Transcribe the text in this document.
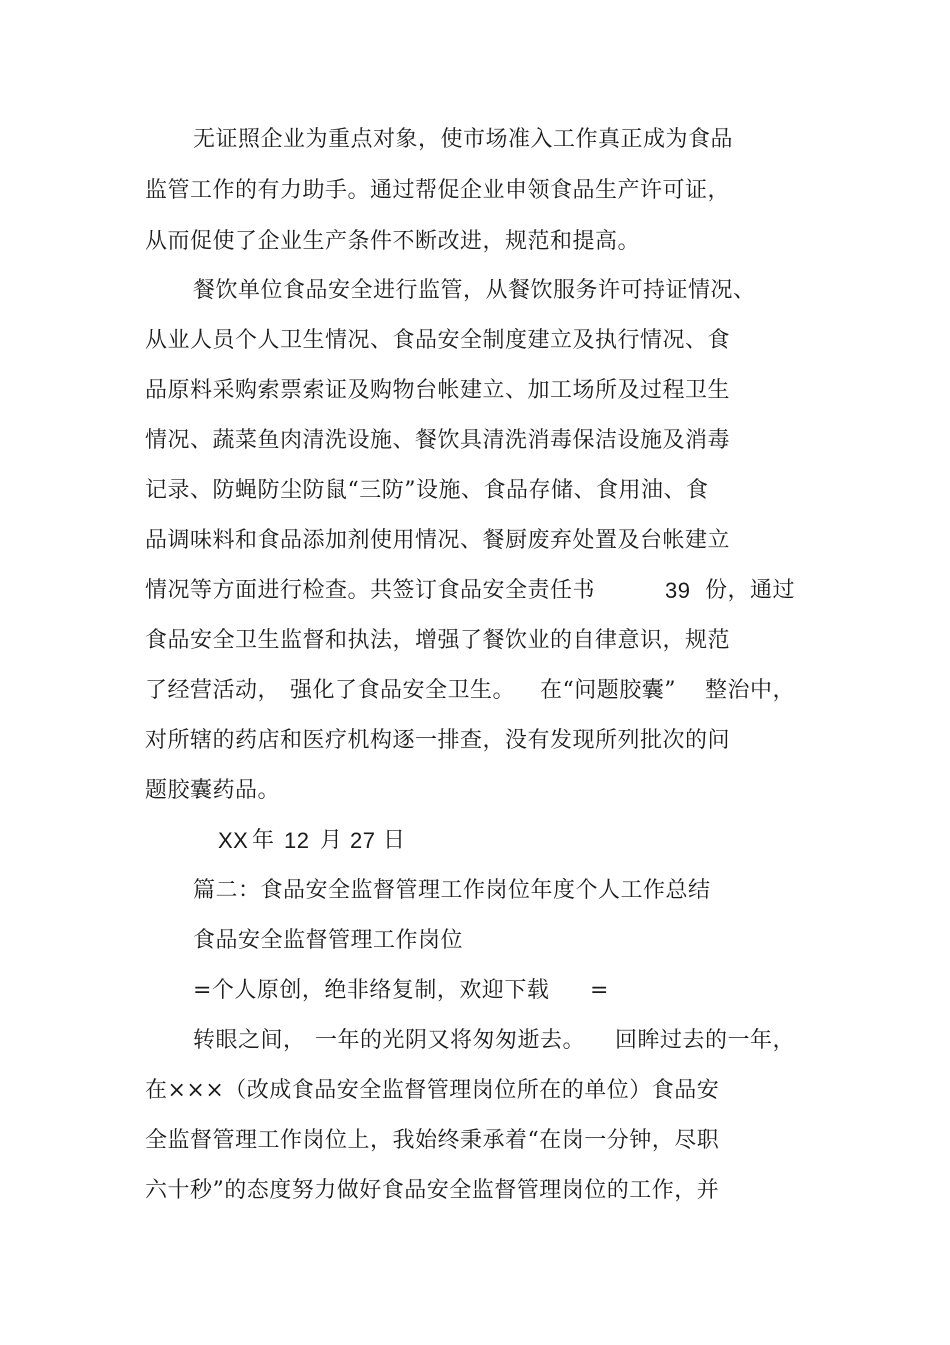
无证照企业为重点对象，使市场准入工作真正成为食品
监管工作的有力助手。通过帮促企业申领食品生产许可证，
从而促使了企业生产条件不断改进，规范和提高。
餐饮单位食品安全进行监管，从餐饮服务许可持证情况、
从业人员个人卫生情况、食品安全制度建立及执行情况、食
品原料采购索票索证及购物台帐建立、加工场所及过程卫生
情况、蔬菜鱼肉清洗设施、餐饮具清洗消毒保洁设施及消毒
记录、防蝇防尘防鼠“三防”设施、食品存储、食用油、食
品调味料和食品添加剂使用情况、餐厨废弃处置及台帐建立
情况等方面进行检查。共签订食品安全责任书	39 份，通过
食品安全卫生监督和执法，增强了餐饮业的自律意识，规范
了经营活动， 强化了食品安全卫生。 在“问题胶囊” 整治中，
对所辖的药店和医疗机构逐一排查，没有发现所列批次的问
题胶囊药品。
XX 年 12 月 27 日
篇二：食品安全监督管理工作岗位年度个人工作总结
食品安全监督管理工作岗位
=个人原创，绝非络复制，欢迎下载 =
转眼之间， 一年的光阴又将匆匆逝去。 回眸过去的一年，
在×××（改成食品安全监督管理岗位所在的单位）食品安
全监督管理工作岗位上，我始终秉承着“在岗一分钟，尽职
六十秒”的态度努力做好食品安全监督管理岗位的工作，并
